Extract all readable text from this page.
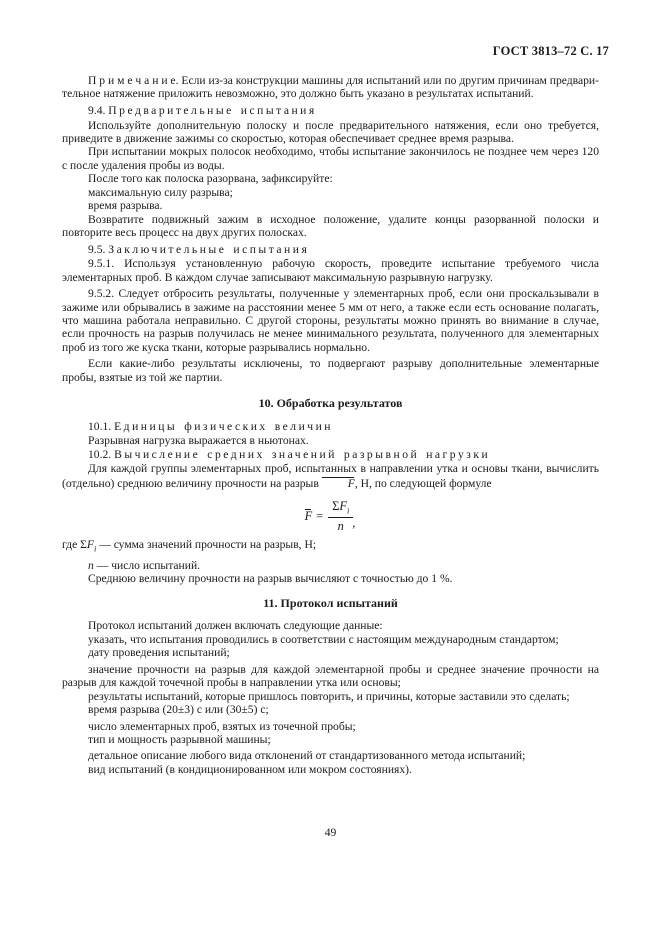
ГОСТ 3813–72 С. 17

П р и м е ч а н и е. Если из-за конструкции машины для испытаний или по другим причинам предвари-тельное натяжение приложить невозможно, это должно быть указано в результатах испытаний.

9.4. Предварительные испытания

Используйте дополнительную полоску и после предварительного натяжения, если оно требуется, приведите в движение зажимы со скоростью, которая обеспечивает среднее время разрыва.

При испытании мокрых полосок необходимо, чтобы испытание закончилось не позднее чем через 120 с после удаления пробы из воды.

После того как полоска разорвана, зафиксируйте:

максимальную силу разрыва;

время разрыва.

Возвратите подвижный зажим в исходное положение, удалите концы разорванной полоски и повторите весь процесс на двух других полосках.

9.5. Заключительные испытания

9.5.1. Используя установленную рабочую скорость, проведите испытание требуемого числа элементарных проб. В каждом случае записывают максимальную разрывную нагрузку.

9.5.2. Следует отбросить результаты, полученные у элементарных проб, если они проскальзывали в зажиме или обрывались в зажиме на расстоянии менее 5 мм от него, а также если есть основание полагать, что машина работала неправильно. С другой стороны, результаты можно принять во внимание в случае, если прочность на разрыв получилась не менее минимального результата, полученного для элементарных проб из того же куска ткани, которые разрывались нормально.

Если какие-либо результаты исключены, то подвергают разрыву дополнительные элементарные пробы, взятые из той же партии.

10. Обработка результатов

10.1. Единицы физических величин

Разрывная нагрузка выражается в ньютонах.

10.2. Вычисление средних значений разрывной нагрузки

Для каждой группы элементарных проб, испытанных в направлении утка и основы ткани, вычислить (отдельно) среднюю величину прочности на разрыв F, Н, по следующей формуле

$F = \frac{\Sigma F_i}{n}$ ,

где $\Sigma F_i$ — сумма значений прочности на разрыв, Н;

n — число испытаний.

Среднюю величину прочности на разрыв вычисляют с точностью до 1 %.

11. Протокол испытаний

Протокол испытаний должен включать следующие данные:

указать, что испытания проводились в соответствии с настоящим международным стандартом;

дату проведения испытаний;

значение прочности на разрыв для каждой элементарной пробы и среднее значение прочности на разрыв для каждой точечной пробы в направлении утка или основы;

результаты испытаний, которые пришлось повторить, и причины, которые заставили это сделать;

время разрыва (20±3) с или (30±5) с;

число элементарных проб, взятых из точечной пробы;

тип и мощность разрывной машины;

детальное описание любого вида отклонений от стандартизованного метода испытаний;

вид испытаний (в кондиционированном или мокром состояниях).

49
